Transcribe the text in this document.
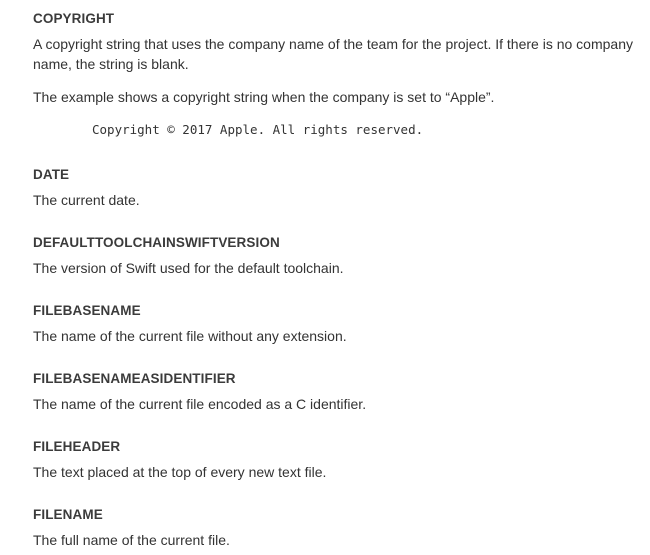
COPYRIGHT

A copyright string that uses the company name of the team for the project. If there is no company name, the string is blank.

The example shows a copyright string when the company is set to “Apple”.

Copyright © 2017 Apple. All rights reserved.
DATE

The current date.

DEFAULTTOOLCHAINSWIFTVERSION

The version of Swift used for the default toolchain.

FILEBASENAME

The name of the current file without any extension.

FILEBASENAMEASIDENTIFIER

The name of the current file encoded as a C identifier.

FILEHEADER

The text placed at the top of every new text file.

FILENAME

The full name of the current file.
